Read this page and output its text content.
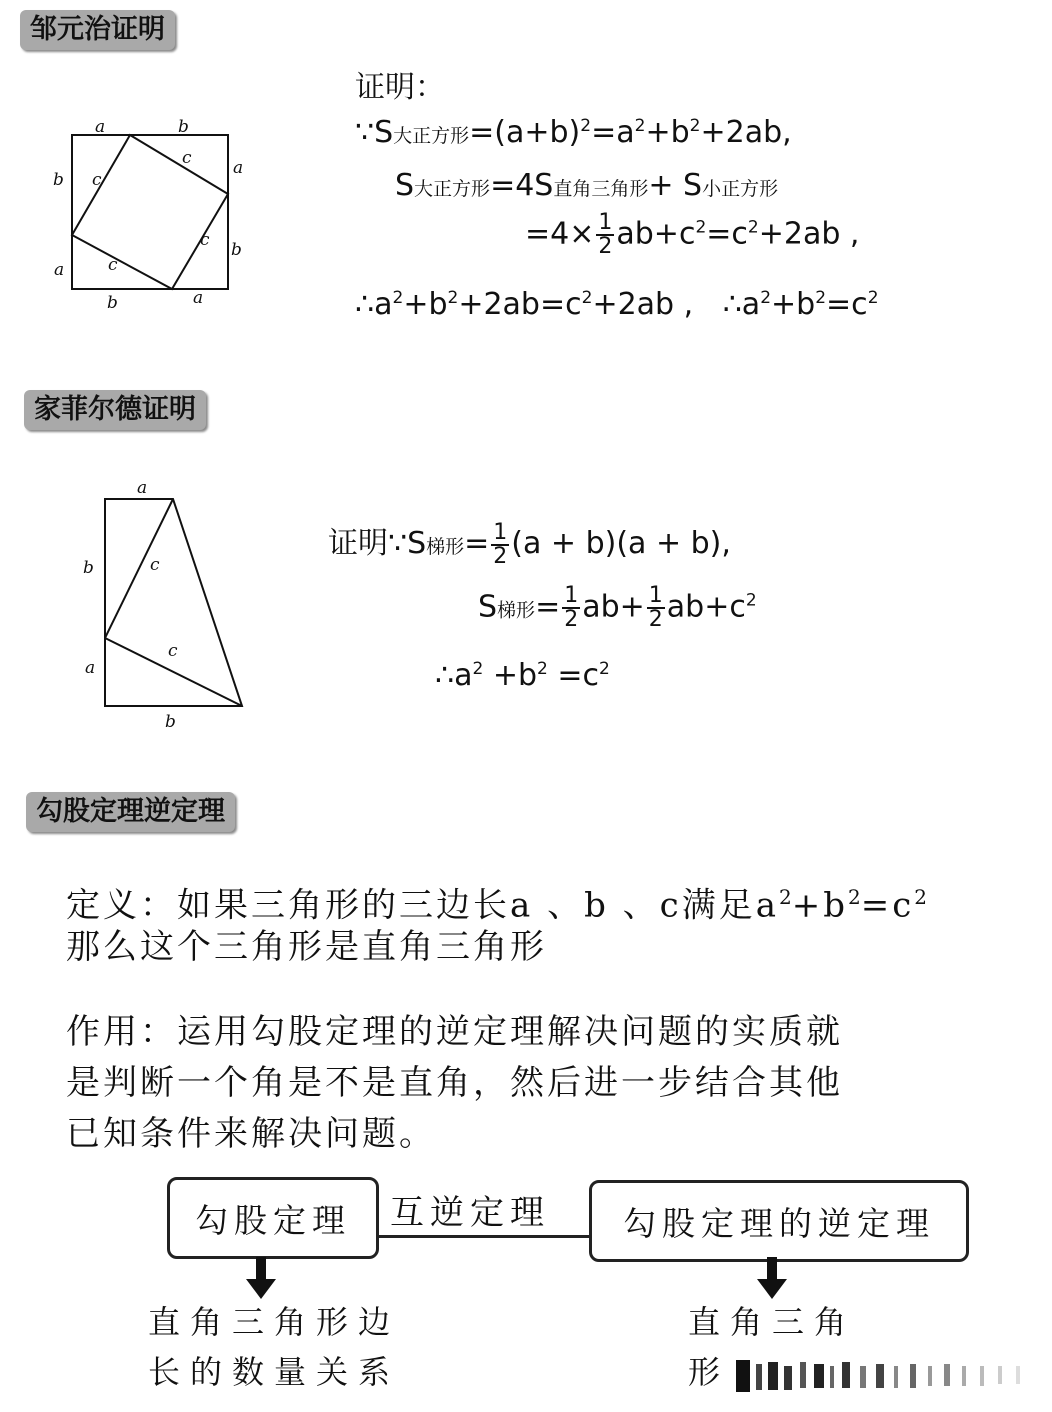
邹元治证明
a	b
b
a
c
c
c b
a	c
b	a
证明：
∵S大正方形$=(a+b)^2=a^2+b^2+2ab$,
S大正方形=4S直角三角形+ S小正方形
$=4\times \frac{1}{2} ab+c^2=c^2+2ab$ ,
$\therefore a^2+b^2+2ab=c^2+2ab$ , $\therefore a^2+b^2=c^2$
家菲尔德证明
a
b	c
a
c
b
证明∵S梯形= $\frac{1}{2} (a + b)(a + b)$,
S梯形= $\frac{1}{2} ab+ \frac{1}{2} ab+c^2$
$\therefore a^2 +b^2 =c^2$
勾股定理逆定理
定义：如果三角形的三边长a 、b 、c满足$a^2+b^2=c^2$
那么这个三角形是直角三角形
作用：运用勾股定理的逆定理解决问题的实质就
是判断一个角是不是直角，然后进一步结合其他
已知条件来解决问题。
勾股定理	互逆定理	勾股定理的逆定理
直角三角形边
长的数量关系
直角三角
形
